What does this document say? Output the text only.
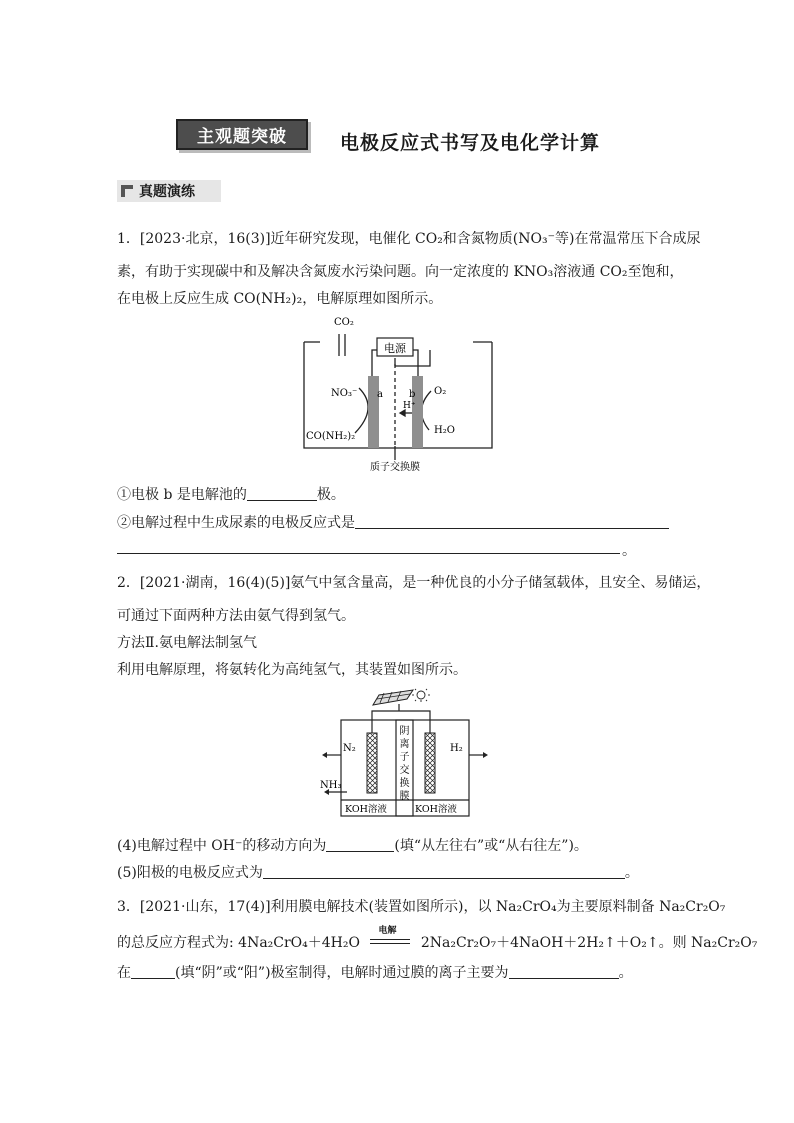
主观题突破	电极反应式书写及电化学计算
真题演练
1．[2023·北京，16(3)]近年研究发现，电催化 CO₂和含氮物质(NO₃⁻等)在常温常压下合成尿
素，有助于实现碳中和及解决含氮废水污染问题。向一定浓度的 KNO₃溶液通 CO₂至饱和，
在电极上反应生成 CO(NH₂)₂，电解原理如图所示。
电源
CO₂
NO₃⁻ a	b
H⁺
O₂
CO(NH₂)₂
H₂O
质子交换膜
①电极 b 是电解池的	极。
②电解过程中生成尿素的电极反应式是
。
2．[2021·湖南，16(4)(5)]氨气中氢含量高，是一种优良的小分子储氢载体，且安全、易储运，
可通过下面两种方法由氨气得到氢气。
方法Ⅱ.氨电解法制氢气
利用电解原理，将氨转化为高纯氢气，其装置如图所示。
N₂
NH₃
H₂
KOH溶液	KOH溶液
阴
离
子
交
换
膜
(4)电解过程中 OH⁻的移动方向为	(填“从左往右”或“从右往左”)。
(5)阳极的电极反应式为	。
3．[2021·山东，17(4)]利用膜电解技术(装置如图所示)，以 Na₂CrO₄为主要原料制备 Na₂Cr₂O₇
的总反应方程式为: 4Na₂CrO₄＋4H₂O
电解
2Na₂Cr₂O₇＋4NaOH＋2H₂↑＋O₂↑。则 Na₂Cr₂O₇
在	(填“阴”或“阳”)极室制得，电解时通过膜的离子主要为	。
